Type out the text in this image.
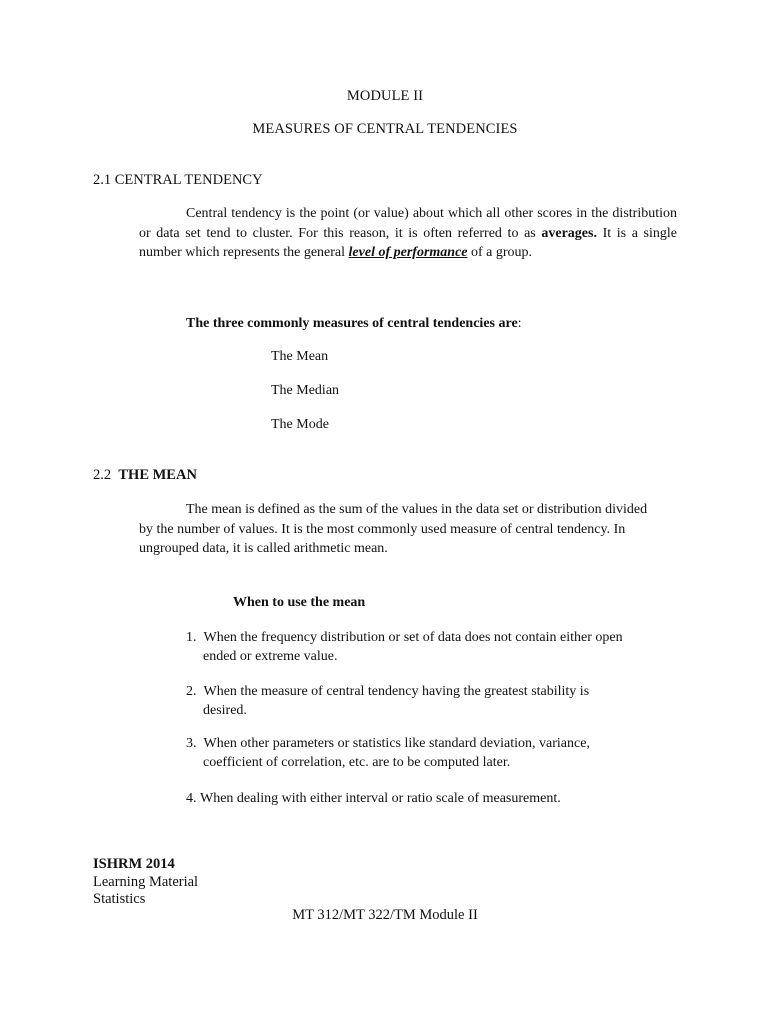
MODULE II
MEASURES OF CENTRAL TENDENCIES
2.1 CENTRAL TENDENCY
Central tendency is the point (or value) about which all other scores in the distribution or data set tend to cluster. For this reason, it is often referred to as averages. It is a single number which represents the general level of performance of a group.
The three commonly measures of central tendencies are:
The Mean
The Median
The Mode
2.2 THE MEAN
The mean is defined as the sum of the values in the data set or distribution divided by the number of values. It is the most commonly used measure of central tendency. In ungrouped data, it is called arithmetic mean.
When to use the mean
1. When the frequency distribution or set of data does not contain either open
ended or extreme value.
2. When the measure of central tendency having the greatest stability is
desired.
3. When other parameters or statistics like standard deviation, variance,
coefficient of correlation, etc. are to be computed later.
4. When dealing with either interval or ratio scale of measurement.
ISHRM 2014
Learning Material
Statistics
MT 312/MT 322/TM Module II
